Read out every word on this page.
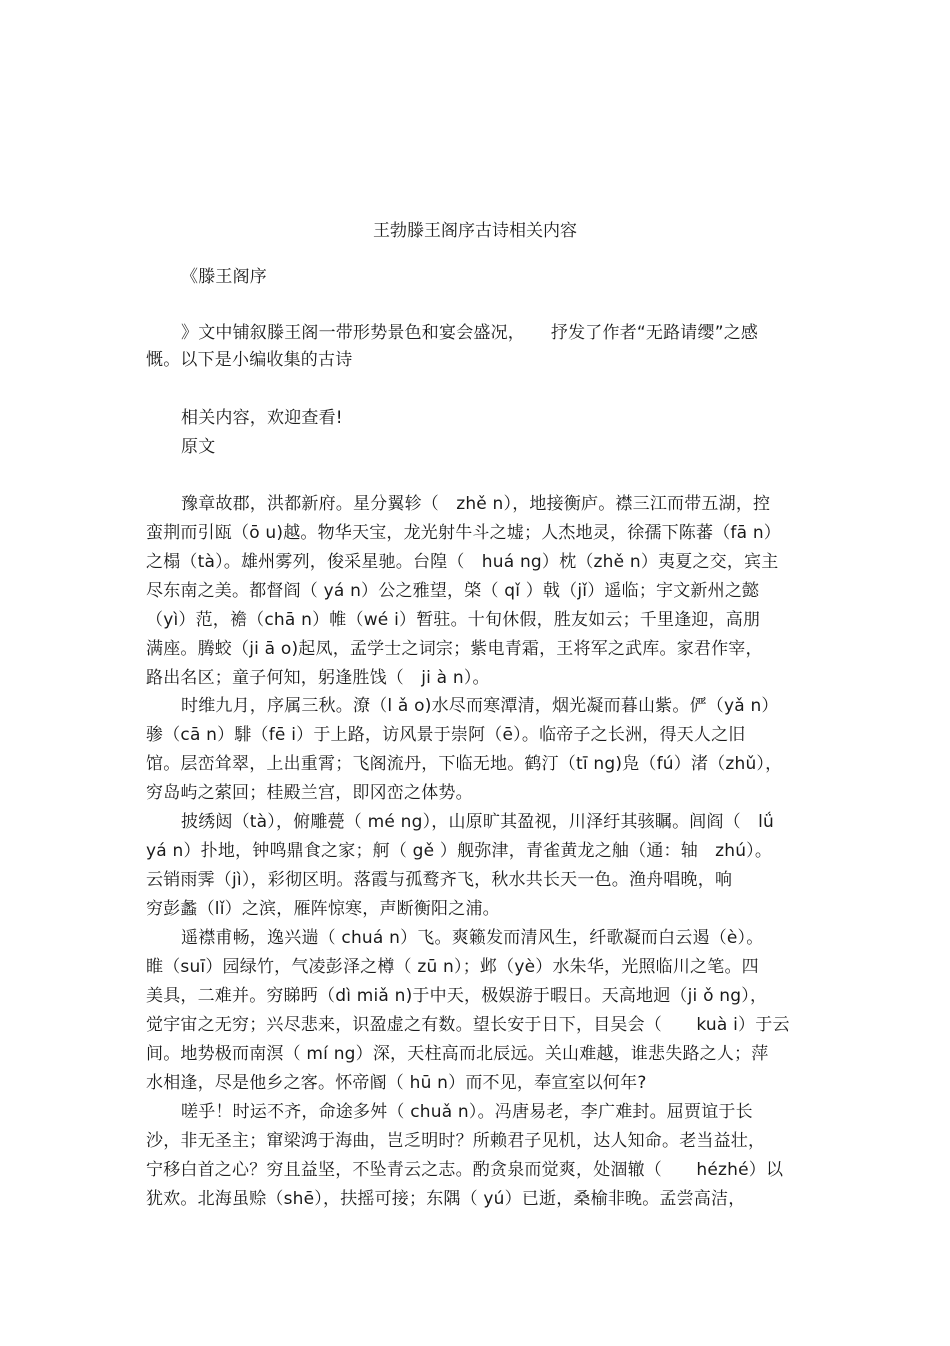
王勃滕王阁序古诗相关内容
《滕王阁序
》文中铺叙滕王阁一带形势景色和宴会盛况，　　抒发了作者“无路请缨”之感
慨。以下是小编收集的古诗
相关内容，欢迎查看!
原文
豫章故郡，洪都新府。星分翼轸（　zhě n），地接衡庐。襟三江而带五湖，控
蛮荆而引瓯（ō u)越。物华天宝，龙光射牛斗之墟；人杰地灵，徐孺下陈蕃（fā n）
之榻（tà）。雄州雾列，俊采星驰。台隍（　huá ng）枕（zhě n）夷夏之交，宾主
尽东南之美。都督阎（ yá n）公之雅望，棨（ qǐ ）戟（jǐ）遥临；宇文新州之懿
（yì）范，襜（chā n）帷（wé i）暂驻。十旬休假，胜友如云；千里逢迎，高朋
满座。腾蛟（ji ā o)起凤，孟学士之词宗；紫电青霜，王将军之武库。家君作宰，
路出名区；童子何知，躬逢胜饯（　ji à n）。
时维九月，序属三秋。潦（l ǎ o)水尽而寒潭清，烟光凝而暮山紫。俨（yǎ n）
骖（cā n）騑（fē i）于上路，访风景于崇阿（ē）。临帝子之长洲，得天人之旧
馆。层峦耸翠，上出重霄；飞阁流丹，下临无地。鹤汀（tī ng)凫（fú）渚（zhǔ），
穷岛屿之萦回；桂殿兰宫，即冈峦之体势。
披绣闼（tà），俯雕甍（ mé ng），山原旷其盈视，川泽纡其骇瞩。闾阎（　lǘ
yá n）扑地，钟鸣鼎食之家；舸（ gě ）舰弥津，青雀黄龙之舳（通：轴　zhú）。
云销雨霁（jì），彩彻区明。落霞与孤鹜齐飞，秋水共长天一色。渔舟唱晚，响
穷彭蠡（lǐ）之滨，雁阵惊寒，声断衡阳之浦。
遥襟甫畅，逸兴遄（ chuá n）飞。爽籁发而清风生，纤歌凝而白云遏（è）。
睢（suī）园绿竹，气凌彭泽之樽（ zū n）；邺（yè）水朱华，光照临川之笔。四
美具，二难并。穷睇眄（dì miǎ n)于中天，极娱游于暇日。天高地迥（ji ǒ ng），
觉宇宙之无穷；兴尽悲来，识盈虚之有数。望长安于日下，目吴会（　　kuà i）于云
间。地势极而南溟（ mí ng）深，天柱高而北辰远。关山难越，谁悲失路之人；萍
水相逢，尽是他乡之客。怀帝阍（ hū n）而不见，奉宣室以何年?
嗟乎！时运不齐，命途多舛（ chuǎ n）。冯唐易老，李广难封。屈贾谊于长
沙，非无圣主；窜梁鸿于海曲，岂乏明时？所赖君子见机，达人知命。老当益壮，
宁移白首之心？穷且益坚，不坠青云之志。酌贪泉而觉爽，处涸辙（　　hézhé）以
犹欢。北海虽赊（shē），扶摇可接；东隅（ yú）已逝，桑榆非晚。孟尝高洁，
